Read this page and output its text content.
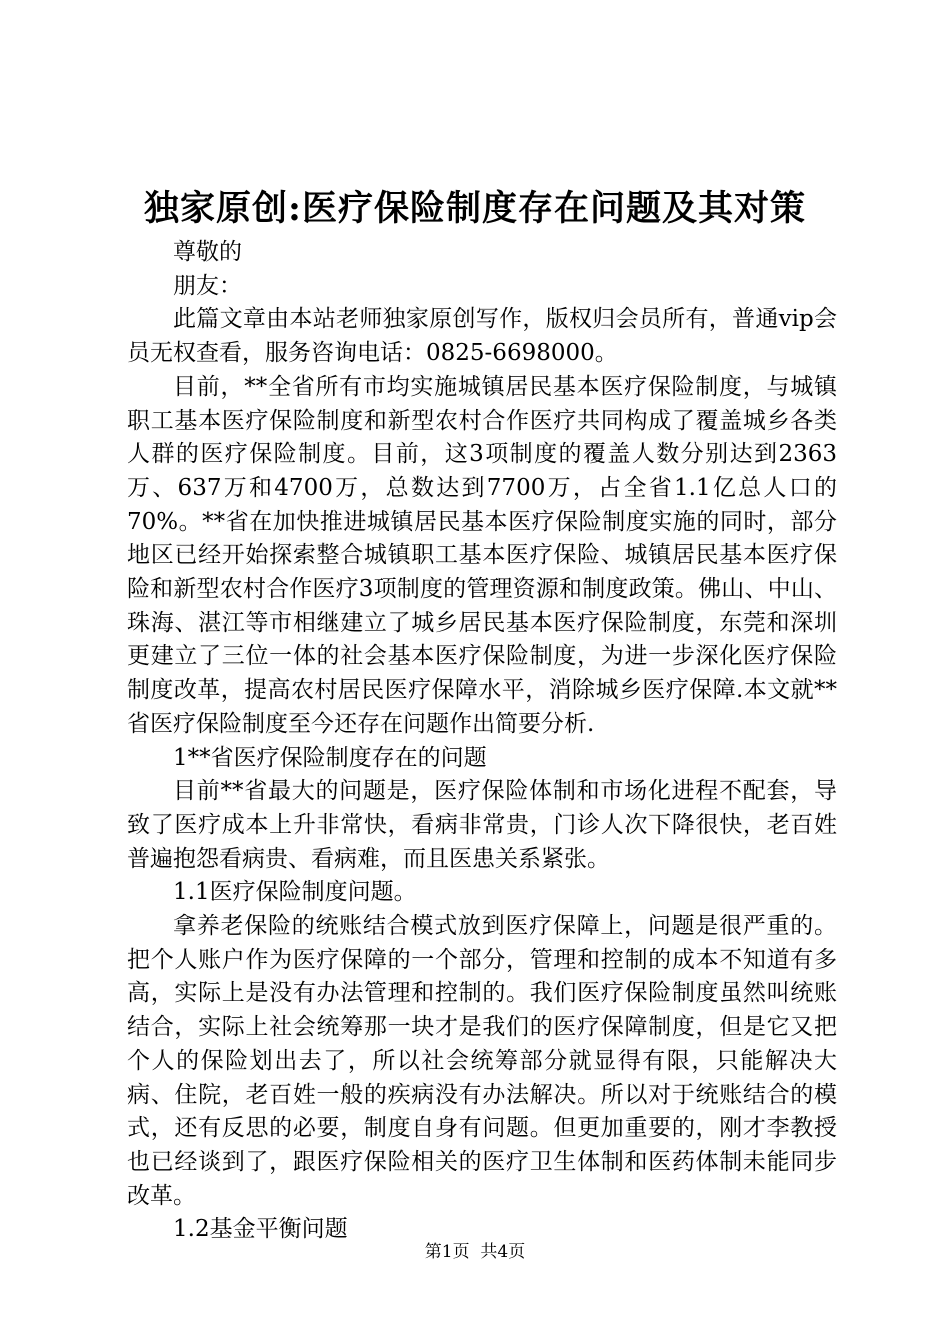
独家原创:医疗保险制度存在问题及其对策

尊敬的

朋友：

此篇文章由本站老师独家原创写作，版权归会员所有，普通vip会员无权查看，服务咨询电话：0825-6698000。

目前，**全省所有市均实施城镇居民基本医疗保险制度，与城镇职工基本医疗保险制度和新型农村合作医疗共同构成了覆盖城乡各类人群的医疗保险制度。目前，这3项制度的覆盖人数分别达到2363万、637万和4700万，总数达到7700万，占全省1.1亿总人口的70%。**省在加快推进城镇居民基本医疗保险制度实施的同时，部分地区已经开始探索整合城镇职工基本医疗保险、城镇居民基本医疗保险和新型农村合作医疗3项制度的管理资源和制度政策。佛山、中山、珠海、湛江等市相继建立了城乡居民基本医疗保险制度，东莞和深圳更建立了三位一体的社会基本医疗保险制度，为进一步深化医疗保险制度改革，提高农村居民医疗保障水平，消除城乡医疗保障.本文就**省医疗保险制度至今还存在问题作出简要分析.

1**省医疗保险制度存在的问题

目前**省最大的问题是，医疗保险体制和市场化进程不配套，导致了医疗成本上升非常快，看病非常贵，门诊人次下降很快，老百姓普遍抱怨看病贵、看病难，而且医患关系紧张。

1.1医疗保险制度问题。

拿养老保险的统账结合模式放到医疗保障上，问题是很严重的。把个人账户作为医疗保障的一个部分，管理和控制的成本不知道有多高，实际上是没有办法管理和控制的。我们医疗保险制度虽然叫统账结合，实际上社会统筹那一块才是我们的医疗保障制度，但是它又把个人的保险划出去了，所以社会统筹部分就显得有限，只能解决大病、住院，老百姓一般的疾病没有办法解决。所以对于统账结合的模式，还有反思的必要，制度自身有问题。但更加重要的，刚才李教授也已经谈到了，跟医疗保险相关的医疗卫生体制和医药体制未能同步改革。

1.2基金平衡问题

第1页  共4页
